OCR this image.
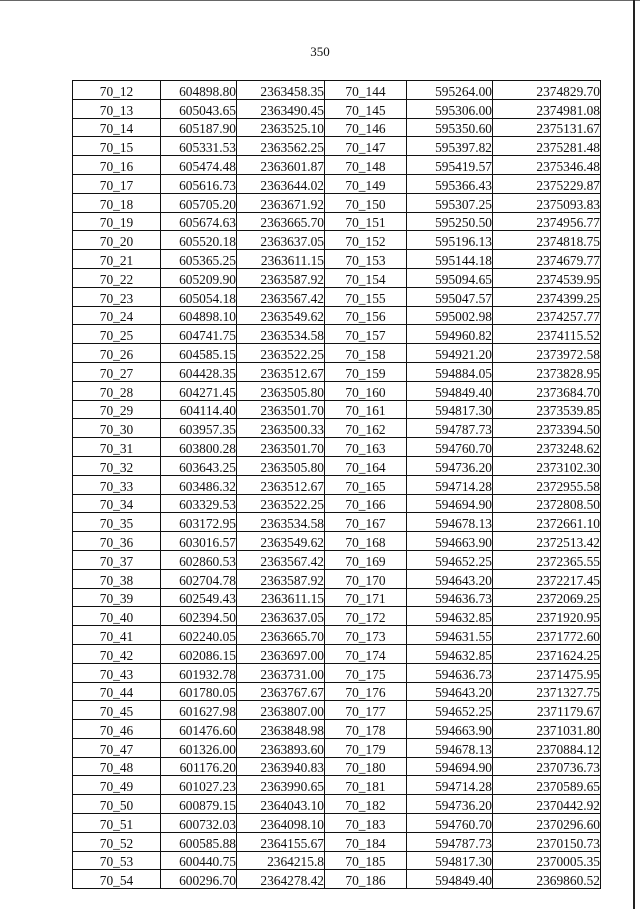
350
70_12	604898.80	2363458.35	70_144	595264.00	2374829.70
70_13	605043.65	2363490.45	70_145	595306.00	2374981.08
70_14	605187.90	2363525.10	70_146	595350.60	2375131.67
70_15	605331.53	2363562.25	70_147	595397.82	2375281.48
70_16	605474.48	2363601.87	70_148	595419.57	2375346.48
70_17	605616.73	2363644.02	70_149	595366.43	2375229.87
70_18	605705.20	2363671.92	70_150	595307.25	2375093.83
70_19	605674.63	2363665.70	70_151	595250.50	2374956.77
70_20	605520.18	2363637.05	70_152	595196.13	2374818.75
70_21	605365.25	2363611.15	70_153	595144.18	2374679.77
70_22	605209.90	2363587.92	70_154	595094.65	2374539.95
70_23	605054.18	2363567.42	70_155	595047.57	2374399.25
70_24	604898.10	2363549.62	70_156	595002.98	2374257.77
70_25	604741.75	2363534.58	70_157	594960.82	2374115.52
70_26	604585.15	2363522.25	70_158	594921.20	2373972.58
70_27	604428.35	2363512.67	70_159	594884.05	2373828.95
70_28	604271.45	2363505.80	70_160	594849.40	2373684.70
70_29	604114.40	2363501.70	70_161	594817.30	2373539.85
70_30	603957.35	2363500.33	70_162	594787.73	2373394.50
70_31	603800.28	2363501.70	70_163	594760.70	2373248.62
70_32	603643.25	2363505.80	70_164	594736.20	2373102.30
70_33	603486.32	2363512.67	70_165	594714.28	2372955.58
70_34	603329.53	2363522.25	70_166	594694.90	2372808.50
70_35	603172.95	2363534.58	70_167	594678.13	2372661.10
70_36	603016.57	2363549.62	70_168	594663.90	2372513.42
70_37	602860.53	2363567.42	70_169	594652.25	2372365.55
70_38	602704.78	2363587.92	70_170	594643.20	2372217.45
70_39	602549.43	2363611.15	70_171	594636.73	2372069.25
70_40	602394.50	2363637.05	70_172	594632.85	2371920.95
70_41	602240.05	2363665.70	70_173	594631.55	2371772.60
70_42	602086.15	2363697.00	70_174	594632.85	2371624.25
70_43	601932.78	2363731.00	70_175	594636.73	2371475.95
70_44	601780.05	2363767.67	70_176	594643.20	2371327.75
70_45	601627.98	2363807.00	70_177	594652.25	2371179.67
70_46	601476.60	2363848.98	70_178	594663.90	2371031.80
70_47	601326.00	2363893.60	70_179	594678.13	2370884.12
70_48	601176.20	2363940.83	70_180	594694.90	2370736.73
70_49	601027.23	2363990.65	70_181	594714.28	2370589.65
70_50	600879.15	2364043.10	70_182	594736.20	2370442.92
70_51	600732.03	2364098.10	70_183	594760.70	2370296.60
70_52	600585.88	2364155.67	70_184	594787.73	2370150.73
70_53	600440.75	2364215.8	70_185	594817.30	2370005.35
70_54	600296.70	2364278.42	70_186	594849.40	2369860.52
